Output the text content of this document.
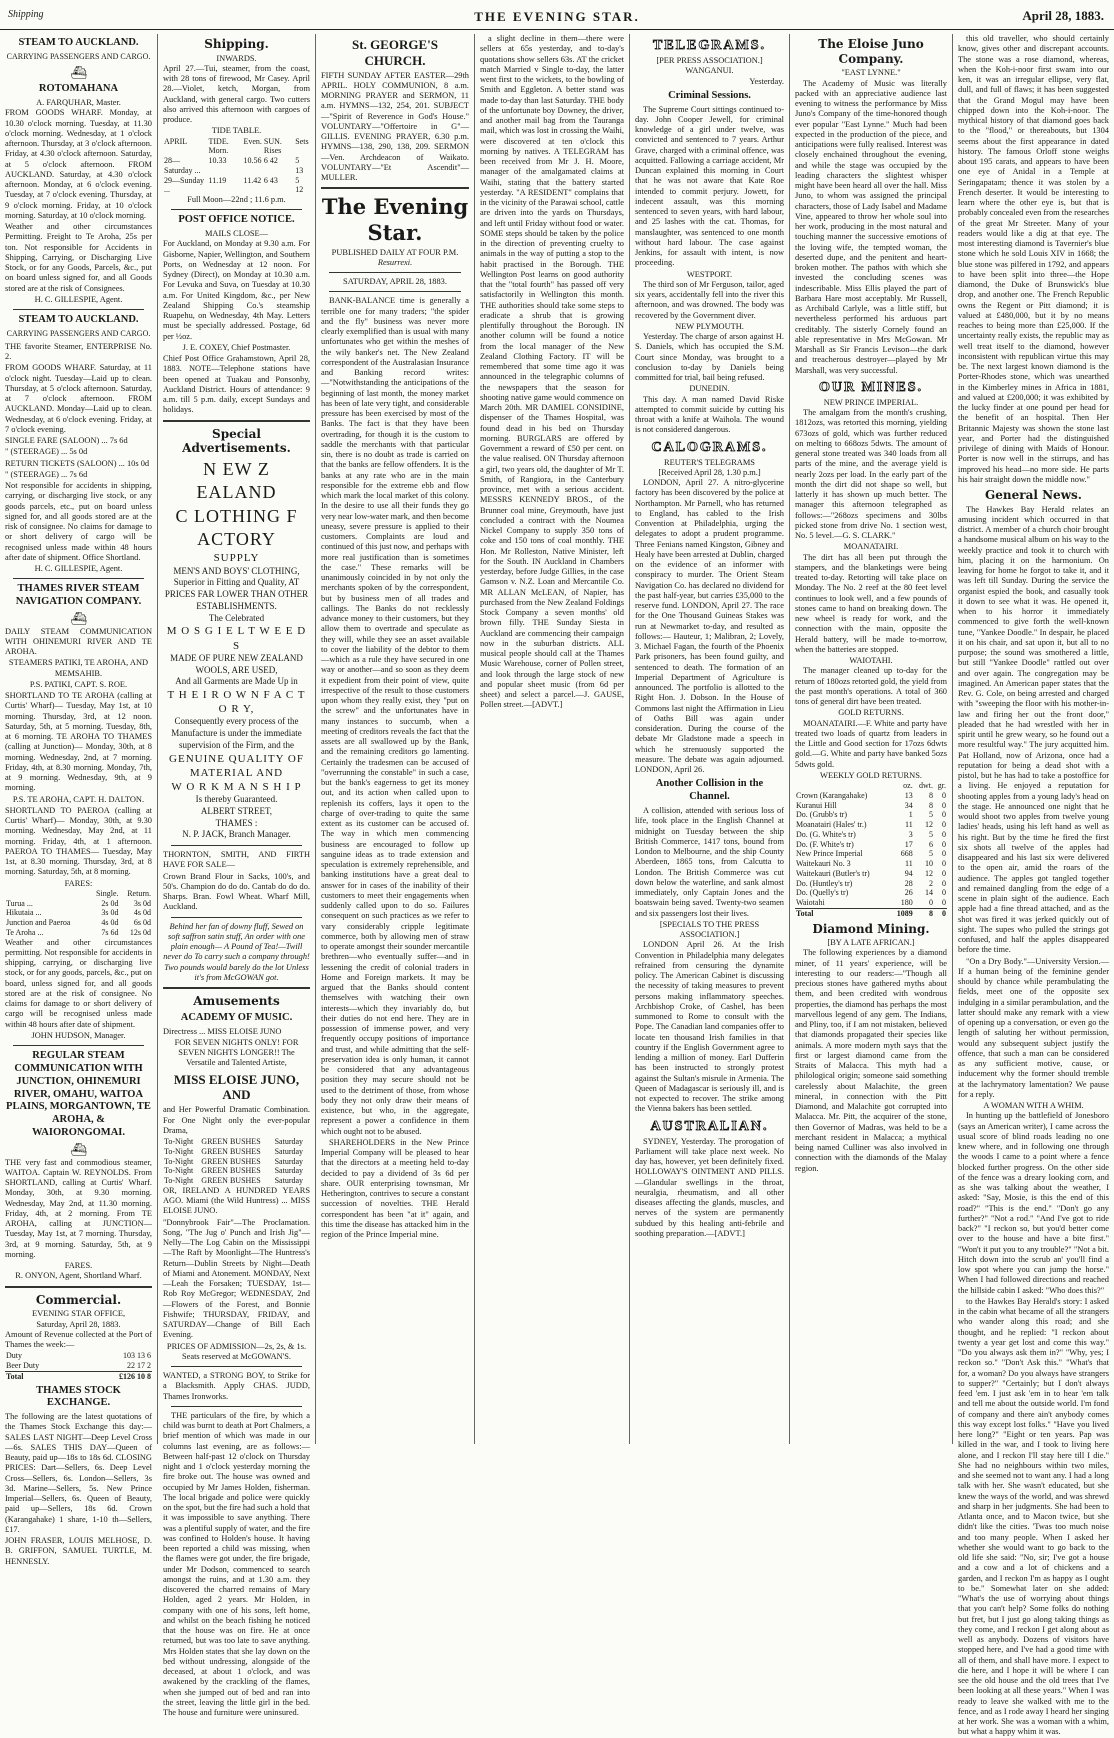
Shipping	THE EVENING STAR.	April 28, 1883.
STEAM TO AUCKLAND.
CARRYING PASSENGERS AND CARGO.
⛴
ROTOMAHANA
A. FARQUHAR, Master.

FROM GOODS WHARF. Monday, at 10.30 o'clock morning. Tuesday, at 11.30 o'clock morning. Wednesday, at 1 o'clock afternoon. Thursday, at 3 o'clock afternoon. Friday, at 4.30 o'clock afternoon. Saturday, at 5 o'clock afternoon. FROM AUCKLAND. Saturday, at 4.30 o'clock afternoon. Monday, at 6 o'clock evening. Tuesday, at 7 o'clock evening. Thursday, at 9 o'clock morning. Friday, at 10 o'clock morning. Saturday, at 10 o'clock morning.

Weather and other circumstances Permitting. Freight to Te Aroha, 25s per ton. Not responsible for Accidents in Shipping, Carrying, or Discharging Live Stock, or for any Goods, Parcels, &c., put on board unless signed for, and all Goods stored are at the risk of Consignees.

H. C. GILLESPIE, Agent.

STEAM TO AUCKLAND.
CARRYING PASSENGERS AND CARGO.

THE favorite Steamer, ENTERPRISE No. 2.

FROM GOODS WHARF. Saturday, at 11 o'clock night. Tuesday—Laid up to clean. Thursday, at 5 o'clock afternoon. Saturday, at 7 o'clock afternoon. FROM AUCKLAND. Monday—Laid up to clean. Wednesday, at 6 o'clock evening. Friday, at 7 o'clock evening.

SINGLE FARE (SALOON) ... 7s 6d

" (STEERAGE) ... 5s 0d

RETURN TICKETS (SALOON) ... 10s 0d

" (STEERAGE) ... 7s 6d

Not responsible for accidents in shipping, carrying, or discharging live stock, or any goods parcels, etc., put on board unless signed for, and all goods stored are at the risk of consignee. No claims for damage to or short delivery of cargo will be recognised unless made within 48 hours after date of shipment. Office Shortland.

H. C. GILLESPIE, Agent.

THAMES RIVER STEAM NAVIGATION COMPANY.
⛴

DAILY STEAM COMMUNICATION WITH OHINEMURI RIVER AND TE AROHA.

STEAMERS PATIKI, TE AROHA, AND MEMSAHIB.

P.S. PATIKI, CAPT. S. ROE.

SHORTLAND TO TE AROHA (calling at Curtis' Wharf)— Tuesday, May 1st, at 10 morning. Thursday, 3rd, at 12 noon. Saturday, 5th, at 5 morning. Tuesday, 8th, at 6 morning. TE AROHA TO THAMES (calling at Junction)— Monday, 30th, at 8 morning. Wednesday, 2nd, at 7 morning. Friday, 4th, at 8.30 morning. Monday, 7th, at 9 morning. Wednesday, 9th, at 9 morning.

P.S. TE AROHA, CAPT. H. DALTON.

SHORTLAND TO PAEROA (calling at Curtis' Wharf)— Monday, 30th, at 9.30 morning. Wednesday, May 2nd, at 11 morning. Friday, 4th, at 1 afternoon. PAEROA TO THAMES— Tuesday, May 1st, at 8.30 morning. Thursday, 3rd, at 8 morning. Saturday, 5th, at 8 morning.

FARES:
	Single.	Return.
Turua ...	2s 0d	3s 0d
Hikutaia ...	3s 0d	4s 0d
Junction and Paeroa	4s 0d	6s 0d
Te Aroha ...	7s 6d	12s 0d

Weather and other circumstances permitting. Not responsible for accidents in shipping, carrying, or discharging live stock, or for any goods, parcels, &c., put on board, unless signed for, and all goods stored are at the risk of consignee. No claims for damage to or short delivery of cargo will be recognised unless made within 48 hours after date of shipment.

JOHN HUDSON, Manager.

REGULAR STEAM COMMUNICATION WITH JUNCTION, OHINEMURI RIVER, OMAHU, WAITOA PLAINS, MORGANTOWN, TE AROHA, & WAIORONGOMAI.
⛴

THE very fast and commodious steamer, WAITOA. Captain W. REYNOLDS. From SHORTLAND, calling at Curtis' Wharf. Monday, 30th, at 9.30 morning. Wednesday, May 2nd, at 11.30 morning. Friday, 4th, at 2 morning. From TE AROHA, calling at JUNCTION— Tuesday, May 1st, at 7 morning. Thursday, 3rd, at 9 morning. Saturday, 5th, at 9 morning.

FARES.

R. ONYON, Agent, Shortland Wharf.

Commercial.
EVENING STAR OFFICE,
Saturday, April 28, 1883.

Amount of Revenue collected at the Port of Thames the week:—

Duty	103 13 6
Beer Duty	22 17 2
Total	£126 10 8
THAMES STOCK EXCHANGE.

The following are the latest quotations of the Thames Stock Exchange this day:— SALES LAST NIGHT—Deep Level Cross—6s. SALES THIS DAY—Queen of Beauty, paid up—18s to 18s 6d. CLOSING PRICES: Dart—Sellers, 6s. Deep Level Cross—Sellers, 6s. London—Sellers, 3s 3d. Marine—Sellers, 5s. New Prince Imperial—Sellers, 6s. Queen of Beauty, paid up—Sellers, 18s 6d. Crown (Karangahake) 1 share, 1-10 th—Sellers, £17.

JOHN FRASER, LOUIS MELHOSE, D. B. GRIFFON, SAMUEL TURTLE, M. HENNESLY.

Shipping.
INWARDS.

April 27.—Tui, steamer, from the coast, with 28 tons of firewood, Mr Casey. April 28.—Violet, ketch, Morgan, from Auckland, with general cargo. Two cutters also arrived this afternoon with cargoes of produce.

TIDE TABLE.
APRIL	TIDE. Morn.	Even.	SUN. Rises	Sets
28—Saturday ...	10.33	10.56	6 42	5 13
29—Sunday ...	11.19	11.42	6 43	5 12
Full Moon—22nd ; 11.6 p.m.
POST OFFICE NOTICE.
MAILS CLOSE—

For Auckland, on Monday at 9.30 a.m. For Gisborne, Napier, Wellington, and Southern Ports, on Wednesday at 12 noon. For Sydney (Direct), on Monday at 10.30 a.m. For Levuka and Suva, on Tuesday at 10.30 a.m. For United Kingdom, &c., per New Zealand Shipping Co.'s steamship Ruapehu, on Wednesday, 4th May. Letters must be specially addressed. Postage, 6d per ½oz.

J. E. COXEY, Chief Postmaster.

Chief Post Office Grahamstown, April 28, 1883. NOTE—Telephone stations have been opened at Tuakau and Ponsonby, Auckland District. Hours of attendance: 9 a.m. till 5 p.m. daily, except Sundays and holidays.

Special Advertisements.
N EW Z EALAND
C LOTHING F ACTORY
SUPPLY
MEN'S AND BOYS' CLOTHING, Superior in Fitting and Quality, AT PRICES FAR LOWER THAN OTHER ESTABLISHMENTS.
The Celebrated
M O S G I E L T W E E D S
MADE OF PURE NEW ZEALAND WOOLS, ARE USED,
And all Garments are Made Up in
T H E I R O W N F A C T O R Y,
Consequently every process of the Manufacture is under the immediate supervision of the Firm, and the
GENUINE QUALITY OF MATERIAL AND
W O R K M A N S H I P
Is thereby Guaranteed.
ALBERT STREET,
THAMES :
N. P. JACK, Branch Manager.

THORNTON, SMITH, AND FIRTH HAVE FOR SALE—

Crown Brand Flour in Sacks, 100's, and 50's. Champion do do do. Cantab do do do. Sharps. Bran. Fowl Wheat. Wharf Mill, Auckland.

Behind her fan of downy fluff, Sewed on soft saffron satin stuff, An order with one plain enough— A Pound of Tea!—Twill never do To carry such a company through! Two pounds would barely do the lot Unless it's from McGOWAN got.

Amusements
ACADEMY OF MUSIC.

Directress ... MISS ELOISE JUNO

FOR SEVEN NIGHTS ONLY! FOR SEVEN NIGHTS LONGER!! The Versatile and Talented Artiste,

MISS ELOISE JUNO, AND

and Her Powerful Dramatic Combination. For One Night only the ever-popular Drama,

To-Night	GREEN BUSHES	Saturday
To-Night	GREEN BUSHES	Saturday
To-Night	GREEN BUSHES	Saturday
To-Night	GREEN BUSHES	Saturday
To-Night	GREEN BUSHES	Saturday

OR, IRELAND A HUNDRED YEARS AGO. Miami (the Wild Huntress) ... MISS ELOISE JUNO.

"Donnybrook Fair"—The Proclamation. Song, "The Jug o' Punch and Irish Jig"—Nelly—The Log Cabin on the Mississippi—The Raft by Moonlight—The Huntress's Return—Dublin Streets by Night—Death of Miami and Atonement. MONDAY, Next—Leah the Forsaken; TUESDAY, 1st—Rob Roy McGregor; WEDNESDAY, 2nd—Flowers of the Forest, and Bonnie Fishwife; THURSDAY, FRIDAY, and SATURDAY—Change of Bill Each Evening.

PRICES OF ADMISSION—2s, 2s, & 1s. Seats reserved at McGOWAN'S.

WANTED, a STRONG BOY, to Strike for a Blacksmith. Apply CHAS. JUDD, Thames Ironworks.

THE particulars of the fire, by which a child was burnt to death at Port Chalmers, a brief mention of which was made in our columns last evening, are as follows:—Between half-past 12 o'clock on Thursday night and 1 o'clock yesterday morning the fire broke out. The house was owned and occupied by Mr James Holden, fisherman. The local brigade and police were quickly on the spot, but the fire had such a hold that it was impossible to save anything. There was a plentiful supply of water, and the fire was confined to Holden's house. It having been reported a child was missing, when the flames were got under, the fire brigade, under Mr Dodson, commenced to search amongst the ruins, and at 1.30 a.m. they discovered the charred remains of Mary Holden, aged 2 years. Mr Holden, in company with one of his sons, left home, and whilst on the beach fishing he noticed that the house was on fire. He at once returned, but was too late to save anything. Mrs Holden states that she lay down on the bed without undressing, alongside of the deceased, at about 1 o'clock, and was awakened by the crackling of the flames, when she jumped out of bed and ran into the street, leaving the little girl in the bed. The house and furniture were uninsured.

St. GEORGE'S CHURCH.

FIFTH SUNDAY AFTER EASTER—29th APRIL. HOLY COMMUNION, 8 a.m. MORNING PRAYER and SERMON, 11 a.m. HYMNS—132, 254, 201. SUBJECT—"Spirit of Reverence in God's House." VOLUNTARY—"Offertoire in G"—GILLIS. EVENING PRAYER, 6.30 p.m. HYMNS—138, 290, 138, 209. SERMON—Ven. Archdeacon of Waikato. VOLUNTARY—"Et Ascendit"—MULLER.

The Evening Star.
PUBLISHED DAILY AT FOUR P.M.
Resurrexi.
SATURDAY, APRIL 28, 1883.

BANK-BALANCE time is generally a terrible one for many traders; "the spider and the fly" business was never more clearly exemplified than is usual with many unfortunates who get within the meshes of the wily banker's net. The New Zealand correspondent of the Australasian Insurance and Banking record writes:—"Notwithstanding the anticipations of the beginning of last month, the money market has been of late very tight, and considerable pressure has been exercised by most of the Banks. The fact is that they have been overtrading, for though it is the custom to saddle the merchants with that particular sin, there is no doubt as trade is carried on that the banks are fellow offenders. It is the banks at any rate who are in the main responsible for the extreme ebb and flow which mark the local market of this colony. In the desire to use all their funds they go very near low-water mark, and then become uneasy, severe pressure is applied to their customers. Complaints are loud and continued of this just now, and perhaps with more real justification than is sometimes the case." These remarks will be unanimously coincided in by not only the merchants spoken of by the correspondent, but by business men of all trades and callings. The Banks do not recklessly advance money to their customers, but they allow them to overtrade and speculate as they will, while they see an asset available to cover the liability of the debtor to them—which as a rule they have secured in one way or another—and so soon as they deem it expedient from their point of view, quite irrespective of the result to those customers upon whom they really exist, they "put on the screw" and the unfortunates have in many instances to succumb, when a meeting of creditors reveals the fact that the assets are all swallowed up by the Bank, and the remaining creditors go lamenting. Certainly the tradesmen can be accused of "overrunning the constable" in such a case, but the bank's eagerness to get its money out, and its action when called upon to replenish its coffers, lays it open to the charge of over-trading to quite the same extent as its customer can be accused of. The way in which men commencing business are encouraged to follow up sanguine ideas as to trade extension and speculation is extremely reprehensible, and banking institutions have a great deal to answer for in cases of the inability of their customers to meet their engagements when suddenly called upon to do so. Failures consequent on such practices as we refer to vary considerably cripple legitimate commerce, both by allowing men of straw to operate amongst their sounder mercantile brethren—who eventually suffer—and in lessening the credit of colonial traders in Home and Foreign markets. It may be argued that the Banks should content themselves with watching their own interests—which they invariably do, but their duties do not end here. They are in possession of immense power, and very frequently occupy positions of importance and trust, and while admitting that the self-preservation idea is only human, it cannot be considered that any advantageous position they may secure should not be used to the detriment of those, from whose body they not only draw their means of existence, but who, in the aggregate, represent a power a confidence in them which ought not to be abused.

SHAREHOLDERS in the New Prince Imperial Company will be pleased to hear that the directors at a meeting held to-day decided to pay a dividend of 3s 6d per share. OUR enterprising townsman, Mr Hetherington, contrives to secure a constant succession of novelties. THE Herald correspondent has been "at it" again, and this time the disease has attacked him in the region of the Prince Imperial mine.

a slight decline in them—there were sellers at 65s yesterday, and to-day's quotations show sellers 63s. AT the cricket match Married v Single to-day, the latter went first to the wickets, to the bowling of Smith and Eggleton. A better stand was made to-day than last Saturday. THE body of the unfortunate boy Downey, the driver, and another mail bag from the Tauranga mail, which was lost in crossing the Waihi, were discovered at ten o'clock this morning by natives. A TELEGRAM has been received from Mr J. H. Moore, manager of the amalgamated claims at Waihi, stating that the battery started yesterday. "A RESIDENT" complains that in the vicinity of the Parawai school, cattle are driven into the yards on Thursdays, and left until Friday without food or water. SOME steps should be taken by the police in the direction of preventing cruelty to animals in the way of putting a stop to the habit practised in the Borough. THE Wellington Post learns on good authority that the "total fourth" has passed off very satisfactorily in Wellington this month. THE authorities should take some steps to eradicate a shrub that is growing plentifully throughout the Borough. IN another column will be found a notice from the local manager of the New Zealand Clothing Factory. IT will be remembered that some time ago it was announced in the telegraphic columns of the newspapers that the season for shooting native game would commence on March 20th. MR DAMIEL CONSIDINE, dispenser of the Thames Hospital, was found dead in his bed on Thursday morning. BURGLARS are offered by Government a reward of £50 per cent. on the value realised. ON Thursday afternoon a girl, two years old, the daughter of Mr T. Smith, of Rangiora, in the Canterbury province, met with a serious accident. MESSRS KENNEDY BROS., of the Brunner coal mine, Greymouth, have just concluded a contract with the Noumea Nickel Company to supply 350 tons of coke and 150 tons of coal monthly. THE Hon. Mr Rolleston, Native Minister, left for the South. IN Auckland in Chambers yesterday, before Judge Gillies, in the case Gamson v. N.Z. Loan and Mercantile Co. MR ALLAN McLEAN, of Napier, has purchased from the New Zealand Foldings Stock Company a seven months' old brown filly. THE Sunday Siesta in Auckland are commencing their campaign now in the suburban districts. ALL musical people should call at the Thames Music Warehouse, corner of Pollen street, and look through the large stock of new and popular sheet music (from 6d per sheet) and select a parcel.—J. GAUSE, Pollen street.—[ADVT.]

TELEGRAMS.
[PER PRESS ASSOCIATION.]
WANGANUI.
Yesterday.
Criminal Sessions.

The Supreme Court sittings continued to-day. John Cooper Jewell, for criminal knowledge of a girl under twelve, was convicted and sentenced to 7 years. Arthur Grave, charged with a criminal offence, was acquitted. Fallowing a carriage accident, Mr Duncan explained this morning in Court that he was not aware that Kate Roe intended to commit perjury. Jowett, for indecent assault, was this morning sentenced to seven years, with hard labour, and 25 lashes with the cat. Thomas, for manslaughter, was sentenced to one month without hard labour. The case against Jenkins, for assault with intent, is now proceeding.

WESTPORT.

The third son of Mr Ferguson, tailor, aged six years, accidentally fell into the river this afternoon, and was drowned. The body was recovered by the Government diver.

NEW PLYMOUTH.

Yesterday. The charge of arson against H. S. Daniels, which has occupied the S.M. Court since Monday, was brought to a conclusion to-day by Daniels being committed for trial, bail being refused.

DUNEDIN.

This day. A man named David Riske attempted to commit suicide by cutting his throat with a knife at Waihola. The wound is not considered dangerous.

CALOGRAMS.
REUTER'S TELEGRAMS
[Received April 28, 1.30 p.m.]

LONDON, April 27. A nitro-glycerine factory has been discovered by the police at Northampton. Mr Parnell, who has returned to England, has cabled to the Irish Convention at Philadelphia, urging the delegates to adopt a prudent programme. Three Fenians named Kingston, Gibney and Healy have been arrested at Dublin, charged on the evidence of an informer with conspiracy to murder. The Orient Steam Navigation Co. has declared no dividend for the past half-year, but carries £35,000 to the reserve fund. LONDON, April 27. The race for the One Thousand Guineas Stakes was run at Newmarket to-day, and resulted as follows:— Hauteur, 1; Malibran, 2; Lovely, 3. Michael Fagan, the fourth of the Phoenix Park prisoners, has been found guilty, and sentenced to death. The formation of an Imperial Department of Agriculture is announced. The portfolio is allotted to the Right Hon. J. Dobson. In the House of Commons last night the Affirmation in Lieu of Oaths Bill was again under consideration. During the course of the debate Mr Gladstone made a speech in which he strenuously supported the measure. The debate was again adjourned. LONDON, April 26.

Another Collision in the Channel.

A collision, attended with serious loss of life, took place in the English Channel at midnight on Tuesday between the ship British Commerce, 1417 tons, bound from London to Melbourne, and the ship County Aberdeen, 1865 tons, from Calcutta to London. The British Commerce was cut down below the waterline, and sank almost immediately, only Captain Jones and the boatswain being saved. Twenty-two seamen and six passengers lost their lives.

[SPECIALS TO THE PRESS ASSOCIATION.]

LONDON April 26. At the Irish Convention in Philadelphia many delegates refrained from censuring the dynamite policy. The American Cabinet is discussing the necessity of taking measures to prevent persons making inflammatory speeches. Archbishop Croke, of Cashel, has been summoned to Rome to consult with the Pope. The Canadian land companies offer to locate ten thousand Irish families in that country if the English Government agree to lending a million of money. Earl Dufferin has been instructed to strongly protest against the Sultan's misrule in Armenia. The Queen of Madagascar is seriously ill, and is not expected to recover. The strike among the Vienna bakers has been settled.

AUSTRALIAN.

SYDNEY, Yesterday. The prorogation of Parliament will take place next week. No day has, however, yet been definitely fixed. HOLLOWAY'S OINTMENT AND PILLS.—Glandular swellings in the throat, neuralgia, rheumatism, and all other diseases affecting the glands, muscles, and nerves of the system are permanently subdued by this healing anti-febrile and soothing preparation.—[ADVT.]

The Eloise Juno Company.
"EAST LYNNE."

The Academy of Music was literally packed with an appreciative audience last evening to witness the performance by Miss Juno's Company of the time-honored though ever popular "East Lynne." Much had been expected in the production of the piece, and anticipations were fully realised. Interest was closely enchained throughout the evening, and while the stage was occupied by the leading characters the slightest whisper might have been heard all over the hall. Miss Juno, to whom was assigned the principal characters, those of Lady Isabel and Madame Vine, appeared to throw her whole soul into her work, producing in the most natural and touching manner the successive emotions of the loving wife, the tempted woman, the deserted dupe, and the penitent and heart-broken mother. The pathos with which she invested the concluding scenes was indescribable. Miss Ellis played the part of Barbara Hare most acceptably. Mr Russell, as Archibald Carlyle, was a little stiff, but nevertheless performed his arduous part creditably. The sisterly Cornely found an able representative in Mrs McGowan. Mr Marshall as Sir Francis Levison—the dark and treacherous destroyer—played by Mr Marshall, was very successful.

OUR MINES.
NEW PRINCE IMPERIAL.

The amalgam from the month's crushing, 1812ozs, was retorted this morning, yielding 673ozs of gold, which was further reduced on melting to 668ozs 5dwts. The amount of general stone treated was 340 loads from all parts of the mine, and the average yield is nearly 2ozs per load. In the early part of the month the dirt did not shape so well, but latterly it has shown up much better. The manager this afternoon telegraphed as follows:—"268ozs specimens and 30lbs picked stone from drive No. 1 section west, No. 5 level.—G. S. CLARK."

MOANATAIRI.

The dirt has all been put through the stampers, and the blanketings were being treated to-day. Retorting will take place on Monday. The No. 2 reef at the 80 feet level continues to look well, and a few pounds of stones came to hand on breaking down. The new wheel is ready for work, and the connection with the main, opposite the Herald battery, will be made to-morrow, when the batteries are stopped.

WAIOTAHI.

The manager cleaned up to-day for the return of 180ozs retorted gold, the yield from the past month's operations. A total of 360 tons of general dirt have been treated.

GOLD RETURNS.

MOANATAIRI.—F. White and party have treated two loads of quartz from leaders in the Little and Good section for 17ozs 6dwts gold.—G. White and party have banked 5ozs 5dwts gold.

WEEKLY GOLD RETURNS.
	oz.	dwt.	gr.
Crown (Karangahake)	13	8	0
Kuranui Hill	34	8	0
Do. (Grubb's tr)	1	5	0
Moanatairi (Hales' tr.)	11	12	0
Do. (G. White's tr)	3	5	0
Do. (F. White's tr)	17	6	0
New Prince Imperial	668	5	0
Waitekauri No. 3	11	10	0
Waitekauri (Butler's tr)	94	12	0
Do. (Huntley's tr)	28	2	0
Do. (Quelly's tr)	26	14	0
Waiotahi	180	0	0
Total	1089	8	0
Diamond Mining.
[BY A LATE AFRICAN.]

The following experiences by a diamond miner, of 11 years' experience, will be interesting to our readers:—"Though all precious stones have gathered myths about them, and been credited with wondrous properties, the diamond has perhaps the most marvellous legend of any gem. The Indians, and Pliny, too, if I am not mistaken, believed that diamonds propagated their species like animals. A more modern myth says that the first or largest diamond came from the Straits of Malacca. This myth had a philological origin; someone said something carelessly about Malachite, the green mineral, in connection with the Pitt Diamond, and Malachite got corrupted into Malacca. Mr. Pitt, the acquirer of the stone, then Governor of Madras, was held to be a merchant resident in Malacca; a mythical being named Culliner was also involved in connection with the diamonds of the Malay region.

this old traveller, who should certainly know, gives other and discrepant accounts. The stone was a rose diamond, whereas, when the Koh-i-noor first swam into our ken, it was an irregular ellipse, very flat, dull, and full of flaws; it has been suggested that the Grand Mogul may have been chipped down into the Koh-i-noor. The mythical history of that diamond goes back to the "flood," or thereabouts, but 1304 seems about the first appearance in dated history. The famous Orloff stone weighs about 195 carats, and appears to have been one eye of Anidal in a Temple at Seringapatam; thence it was stolen by a French deserter. It would be interesting to learn where the other eye is, but that is probably concealed even from the researches of the great Mr Streeter. Many of your readers would like a dig at that eye. The most interesting diamond is Tavernier's blue stone which he sold Louis XIV in 1668; the blue stone was pilfered in 1792, and appears to have been split into three—the Hope diamond, the Duke of Brunswick's blue drop, and another one. The French Republic owns the Regent or Pitt diamond; it is valued at £480,000, but it by no means reaches to being more than £25,000. If the uncertainty really exists, the republic may as well treat itself to the diamond, however inconsistent with republican virtue this may be. The next largest known diamond is the Porter-Rhodes stone, which was unearthed in the Kimberley mines in Africa in 1881, and valued at £200,000; it was exhibited by the lucky finder at one pound per head for the benefit of an hospital. Then Her Britannic Majesty was shown the stone last year, and Porter had the distinguished privilege of dining with Maids of Honour. Porter is now well in the stirrups, and has improved his head—no more side. He parts his hair straight down the middle now."

General News.

The Hawkes Bay Herald relates an amusing incident which occurred in that district. A member of a church choir brought a handsome musical album on his way to the weekly practice and took it to church with him, placing it on the harmonium. On leaving for home he forgot to take it, and it was left till Sunday. During the service the organist espied the book, and casually took it down to see what it was. He opened it, when to his horror it immediately commenced to give forth the well-known tune, "Yankee Doodle." In despair, he placed it on his chair, and sat upon it, but all to no purpose; the sound was smothered a little, but still "Yankee Doodle" rattled out over and over again. The congregation may be imagined. An American paper states that the Rev. G. Cole, on being arrested and charged with "sweeping the floor with his mother-in-law and firing her out the front door," pleaded that he had wrestled with her in spirit until he grew weary, so he found out a more resultful way." The jury acquitted him. Pat Holland, now of Arizona, once had a reputation for being a dead shot with a pistol, but he has had to take a postoffice for a living. He enjoyed a reputation for shooting apples from a young lady's head on the stage. He announced one night that he would shoot two apples from twelve young ladies' heads, using his left hand as well as his right. But by the time he fired the first six shots all twelve of the apples had disappeared and his last six were delivered to the open air, amid the roars of the audience. The apples got tangled together and remained dangling from the edge of a scene in plain sight of the audience. Each apple had a fine thread attached, and as the shot was fired it was jerked quickly out of sight. The supes who pulled the strings got confused, and half the apples disappeared before the time.

"On a Dry Body."—University Version.—If a human being of the feminine gender should by chance while perambulating the fields, meet one of the opposite sex indulging in a similar perambulation, and the latter should make any remark with a view of opening up a conversation, or even go the length of saluting her without permission, would any subsequent subject justify the offence, that such a man can be considered as any sufficient motive, cause, or inducement why the former should tremble at the lachrymatory lamentation? We pause for a reply.

A WOMAN WITH A WHIM.

In hunting up the battlefield of Jonesboro (says an American writer), I came across the usual score of blind roads leading no one knew where, and in following one through the woods I came to a point where a fence blocked further progress. On the other side of the fence was a dreary looking corn, and as she was talking about the weather, I asked: "Say, Mosie, is this the end of this road?" "This is the end." "Don't go any further?" "Not a rod." "And I've got to ride back?" "I reckon so, but you'd better come over to the house and have a bite first." "Won't it put you to any trouble?" "Not a bit. Hitch down into the scrub an' you'll find a low spot where you can jump the horse." When I had followed directions and reached the hillside cabin I asked: "Who does this?"

to the Hawkes Bay Herald's story: I asked in the cabin what became of all the strangers who wander along this road; and she thought, and he replied: "I reckon about twenty a year get lost and come this way." "Do you always ask them in?" "Why, yes; I reckon so." "Don't Ask this." "What's that for, a woman? Do you always have strangers to supper?" "Certainly; but I don't always feed 'em. I just ask 'em in to hear 'em talk and tell me about the outside world. I'm fond of company and there ain't anybody comes this way except lost folks." "Have you lived here long?" "Eight or ten years. Pap was killed in the war, and I took to living here alone, and I reckon I'll stay here till I die." She had no neighbours within two miles, and she seemed not to want any. I had a long talk with her. She wasn't educated, but she knew the ways of the world, and was shrewd and sharp in her judgments. She had been to Atlanta once, and to Macon twice, but she didn't like the cities. 'Twas too much noise and too many people. When I asked her whether she would want to go back to the old life she said: "No, sir; I've got a house and a cow and a lot of chickens and a garden, and I reckon I'm as happy as I ought to be." Somewhat later on she added: "What's the use of worrying about things that you can't help? Some folks do nothing but fret, but I just go along taking things as they come, and I reckon I get along about as well as anybody. Dozens of visitors have stopped here, and I've had a good time with all of them, and shall have more. I expect to die here, and I hope it will be where I can see the old house and the old trees that I've been looking at all these years." When I was ready to leave she walked with me to the fence, and as I rode away I heard her singing at her work. She was a woman with a whim, but what a happy whim it was.
